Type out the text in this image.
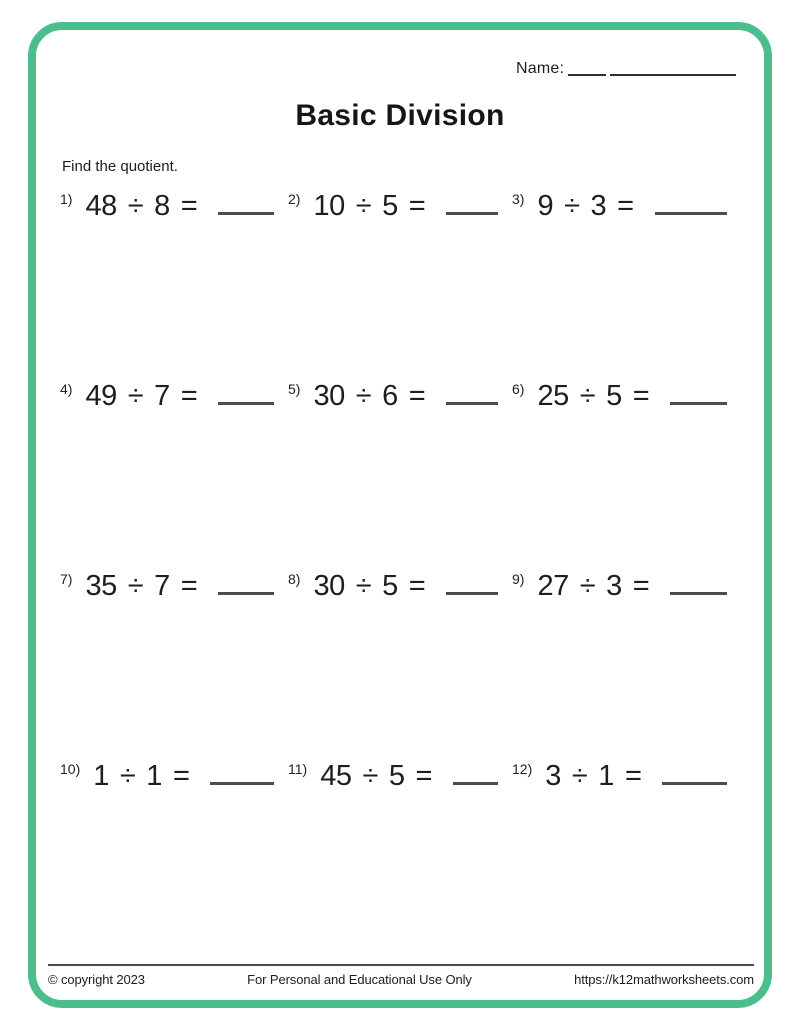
Name:
Basic Division
Find the quotient.
1) 48 ÷ 8 =	2) 10 ÷ 5 =	3) 9 ÷ 3 =
4) 49 ÷ 7 =	5) 30 ÷ 6 =	6) 25 ÷ 5 =
7) 35 ÷ 7 =	8) 30 ÷ 5 =	9) 27 ÷ 3 =
10) 1 ÷ 1 =	11) 45 ÷ 5 =	12) 3 ÷ 1 =
© copyright 2023	For Personal and Educational Use Only	https://k12mathworksheets.com
